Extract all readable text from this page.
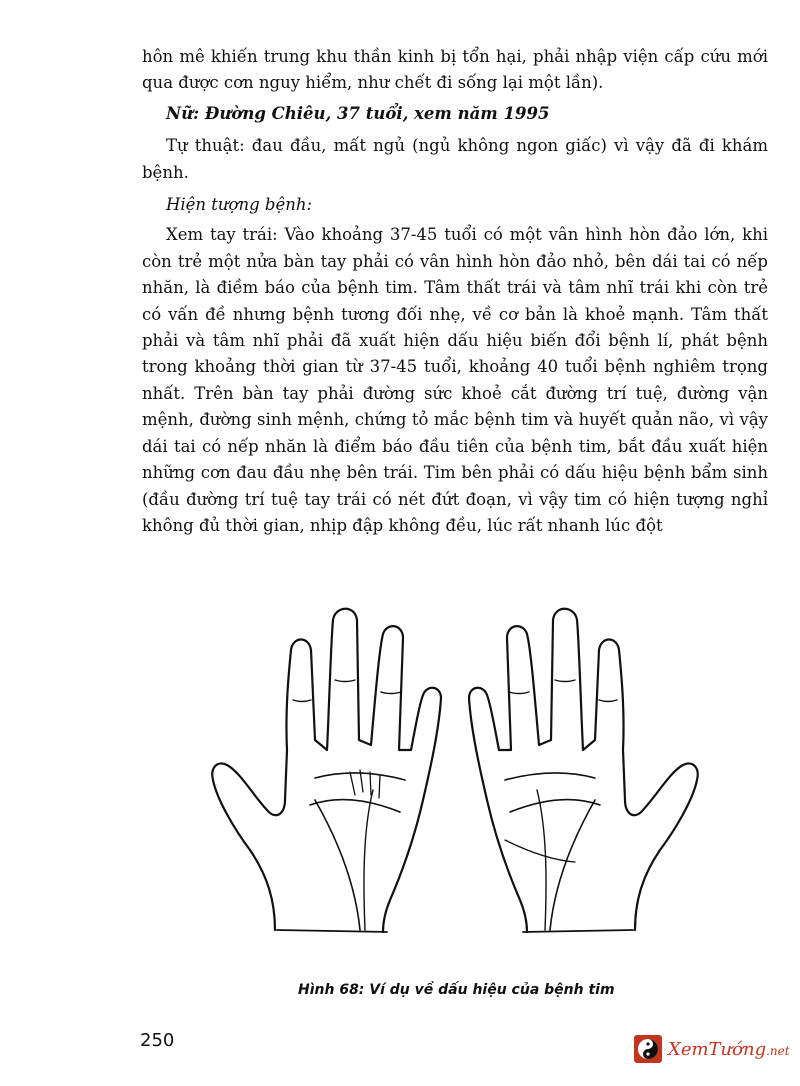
hôn mê khiến trung khu thần kinh bị tổn hại, phải nhập viện cấp cứu mới qua được cơn nguy hiểm, như chết đi sống lại một lần).

Nữ: Đường Chiêu, 37 tuổi, xem năm 1995

Tự thuật: đau đầu, mất ngủ (ngủ không ngon giấc) vì vậy đã đi khám bệnh.

Hiện tượng bệnh:

Xem tay trái: Vào khoảng 37-45 tuổi có một vân hình hòn đảo lớn, khi còn trẻ một nửa bàn tay phải có vân hình hòn đảo nhỏ, bên dái tai có nếp nhăn, là điềm báo của bệnh tim. Tâm thất trái và tâm nhĩ trái khi còn trẻ có vấn đề nhưng bệnh tương đối nhẹ, về cơ bản là khoẻ mạnh. Tâm thất phải và tâm nhĩ phải đã xuất hiện dấu hiệu biến đổi bệnh lí, phát bệnh trong khoảng thời gian từ 37-45 tuổi, khoảng 40 tuổi bệnh nghiêm trọng nhất. Trên bàn tay phải đường sức khoẻ cắt đường trí tuệ, đường vận mệnh, đường sinh mệnh, chứng tỏ mắc bệnh tim và huyết quản não, vì vậy dái tai có nếp nhăn là điểm báo đầu tiên của bệnh tim, bắt đầu xuất hiện những cơn đau đầu nhẹ bên trái. Tim bên phải có dấu hiệu bệnh bẩm sinh (đầu đường trí tuệ tay trái có nét đứt đoạn, vì vậy tim có hiện tượng nghỉ không đủ thời gian, nhịp đập không đều, lúc rất nhanh lúc đột

Hình 68: Ví dụ về dấu hiệu của bệnh tim
250	XemTướng.net
